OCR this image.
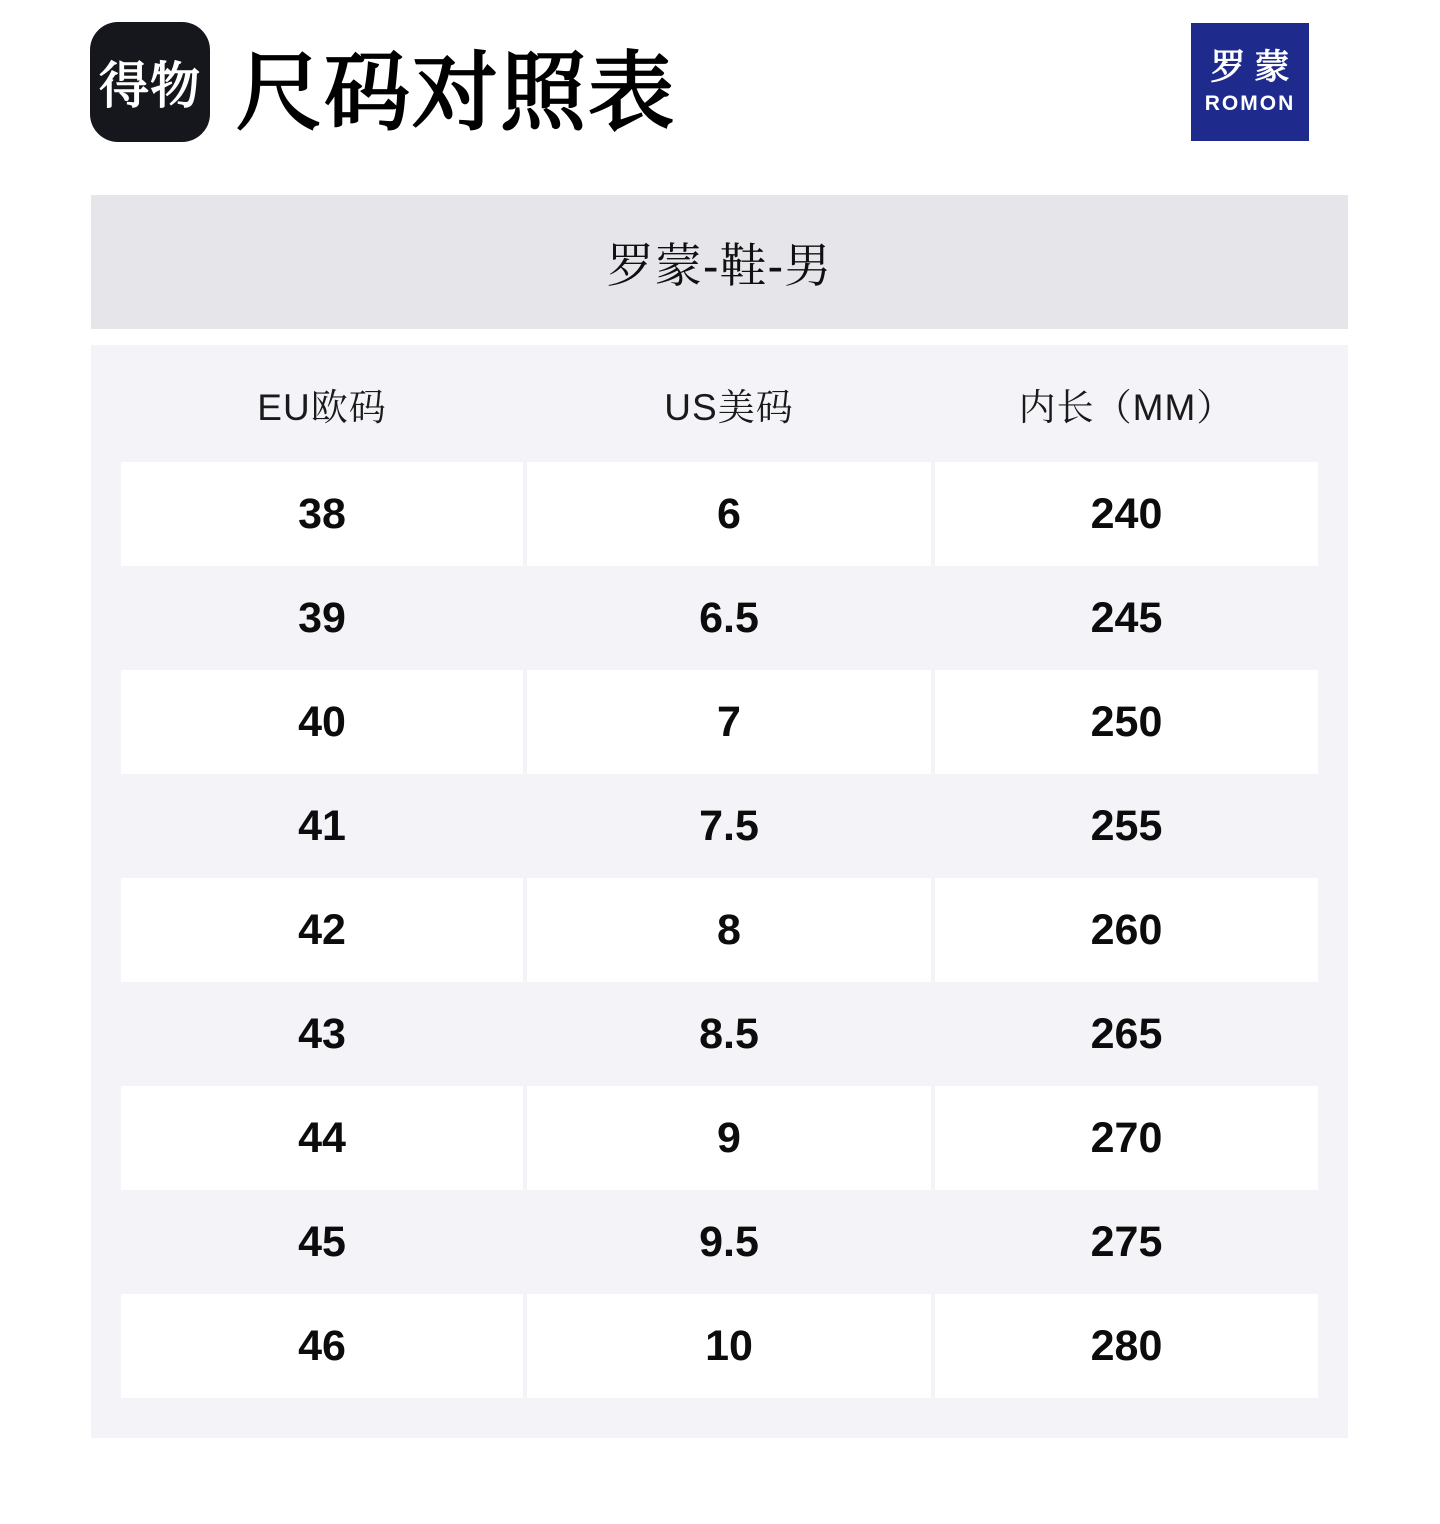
得物 尺码对照表	罗蒙
ROMON
罗蒙-鞋-男
EU欧码	US美码	内长（MM）
38	6	240
39	6.5	245
40	7	250
41	7.5	255
42	8	260
43	8.5	265
44	9	270
45	9.5	275
46	10	280
